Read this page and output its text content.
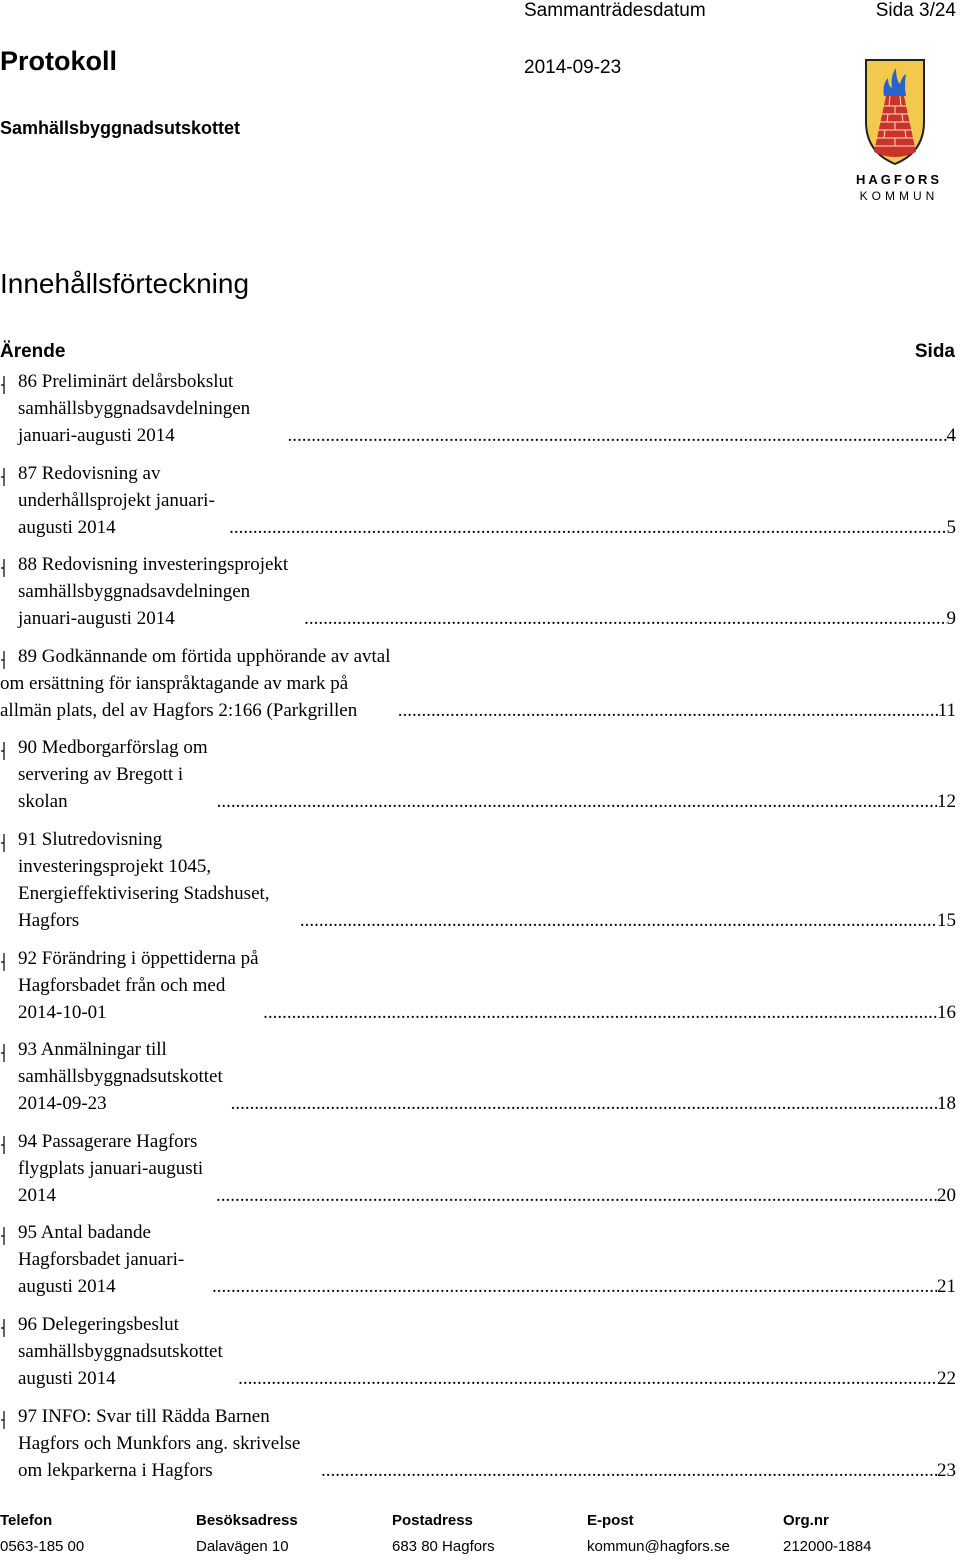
Sammanträdesdatum	Sida 3/24
Protokoll	2014-09-23
Samhällsbyggnadsutskottet
HAGFORS
KOMMUN
Innehållsförteckning
Ärende	Sida
86 Preliminärt delårsbokslut samhällsbyggnadsavdelningen januari-augusti 2014 .....	4
87 Redovisning av underhållsprojekt januari-augusti 2014 .....	5
88 Redovisning investeringsprojekt samhällsbyggnadsavdelningen januari-augusti 2014 .....	9
89 Godkännande om förtida upphörande av avtal om ersättning för ianspråktagande av mark på allmän plats, del av Hagfors 2:166 (Parkgrillen .....	11
90 Medborgarförslag om servering av Bregott i skolan .....	12
91 Slutredovisning investeringsprojekt 1045, Energieffektivisering Stadshuset, Hagfors .....	15
92 Förändring i öppettiderna på Hagforsbadet från och med 2014-10-01 .....	16
93 Anmälningar till samhällsbyggnadsutskottet 2014-09-23 .....	18
94 Passagerare Hagfors flygplats januari-augusti 2014 .....	20
95 Antal badande Hagforsbadet januari-augusti 2014 .....	21
96 Delegeringsbeslut samhällsbyggnadsutskottet augusti 2014 .....	22
97 INFO: Svar till Rädda Barnen Hagfors och Munkfors ang. skrivelse om lekparkerna i Hagfors .....	23
Telefon
0563-185 00
Besöksadress
Dalavägen 10
Postadress
683 80 Hagfors
E-post
kommun@hagfors.se
Org.nr
212000-1884
